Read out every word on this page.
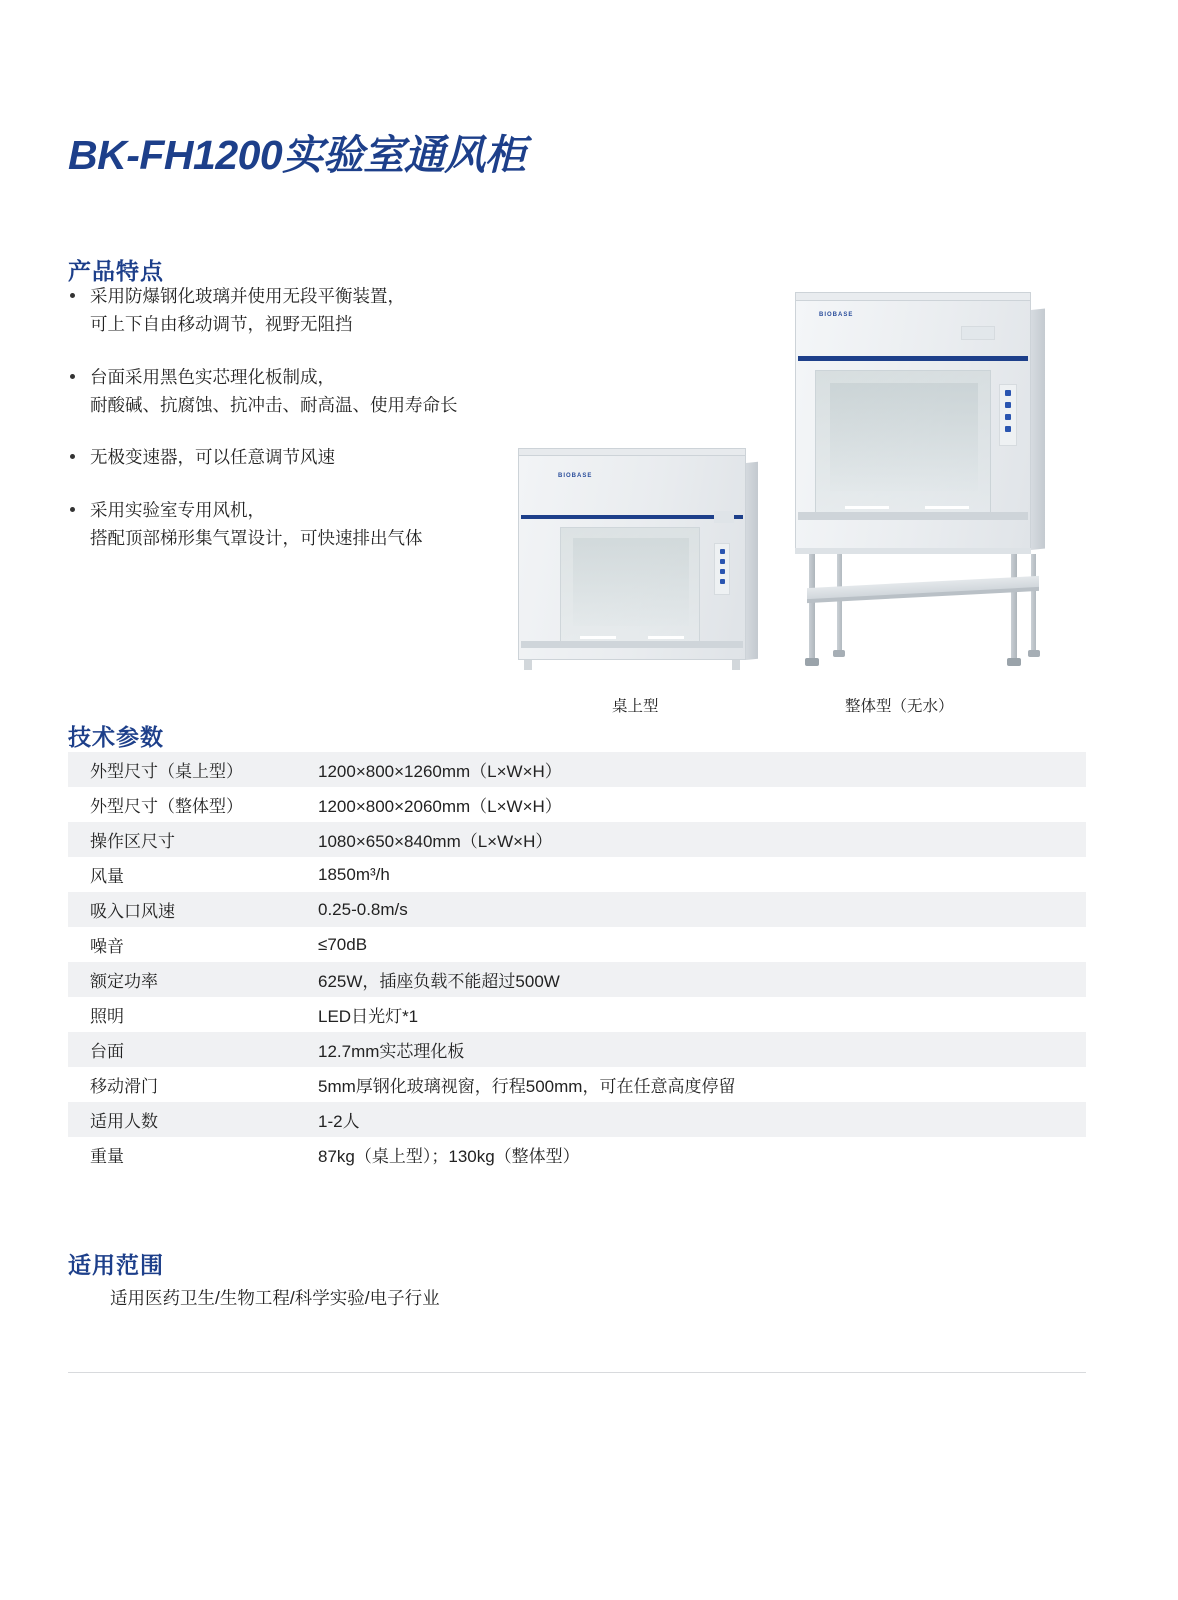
BK-FH1200实验室通风柜
产品特点
采用防爆钢化玻璃并使用无段平衡装置，
可上下自由移动调节，视野无阻挡
台面采用黑色实芯理化板制成，
耐酸碱、抗腐蚀、抗冲击、耐高温、使用寿命长
无极变速器，可以任意调节风速
采用实验室专用风机，
搭配顶部梯形集气罩设计，可快速排出气体
BIOBASE
BIOBASE
桌上型	整体型（无水）
技术参数
外型尺寸（桌上型）	1200×800×1260mm（L×W×H）
外型尺寸（整体型）	1200×800×2060mm（L×W×H）
操作区尺寸	1080×650×840mm（L×W×H）
风量	1850m³/h
吸入口风速	0.25-0.8m/s
噪音	≤70dB
额定功率	625W，插座负载不能超过500W
照明	LED日光灯*1
台面	12.7mm实芯理化板
移动滑门	5mm厚钢化玻璃视窗，行程500mm，可在任意高度停留
适用人数	1-2人
重量	87kg（桌上型）；130kg（整体型）
适用范围
适用医药卫生/生物工程/科学实验/电子行业
